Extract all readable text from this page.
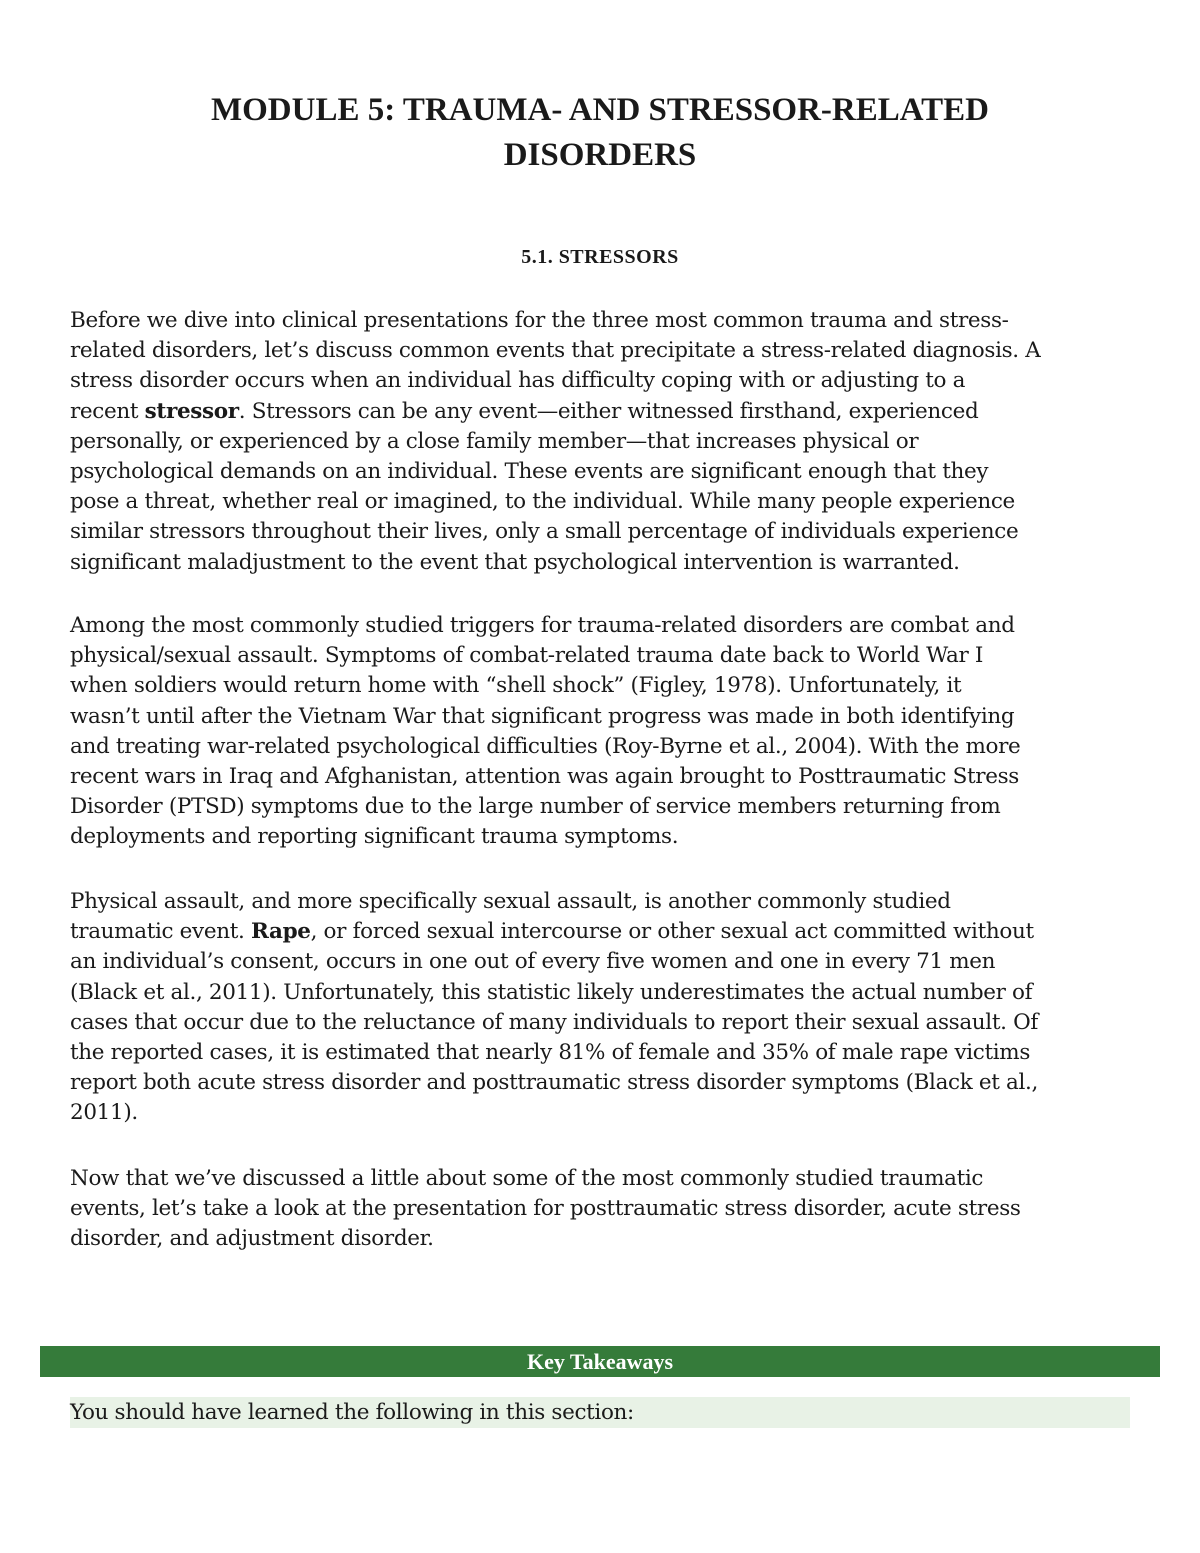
MODULE 5: TRAUMA- AND STRESSOR-RELATED
DISORDERS
5.1. STRESSORS

Before we dive into clinical presentations for the three most common trauma and stress-
related disorders, let’s discuss common events that precipitate a stress-related diagnosis. A
stress disorder occurs when an individual has difficulty coping with or adjusting to a
recent stressor. Stressors can be any event—either witnessed firsthand, experienced
personally, or experienced by a close family member—that increases physical or
psychological demands on an individual. These events are significant enough that they
pose a threat, whether real or imagined, to the individual. While many people experience
similar stressors throughout their lives, only a small percentage of individuals experience
significant maladjustment to the event that psychological intervention is warranted.

Among the most commonly studied triggers for trauma-related disorders are combat and
physical/sexual assault. Symptoms of combat-related trauma date back to World War I
when soldiers would return home with “shell shock” (Figley, 1978). Unfortunately, it
wasn’t until after the Vietnam War that significant progress was made in both identifying
and treating war-related psychological difficulties (Roy-Byrne et al., 2004). With the more
recent wars in Iraq and Afghanistan, attention was again brought to Posttraumatic Stress
Disorder (PTSD) symptoms due to the large number of service members returning from
deployments and reporting significant trauma symptoms.

Physical assault, and more specifically sexual assault, is another commonly studied
traumatic event. Rape, or forced sexual intercourse or other sexual act committed without
an individual’s consent, occurs in one out of every five women and one in every 71 men
(Black et al., 2011). Unfortunately, this statistic likely underestimates the actual number of
cases that occur due to the reluctance of many individuals to report their sexual assault. Of
the reported cases, it is estimated that nearly 81% of female and 35% of male rape victims
report both acute stress disorder and posttraumatic stress disorder symptoms (Black et al.,
2011).

Now that we’ve discussed a little about some of the most commonly studied traumatic
events, let’s take a look at the presentation for posttraumatic stress disorder, acute stress
disorder, and adjustment disorder.

Key Takeaways
You should have learned the following in this section:
